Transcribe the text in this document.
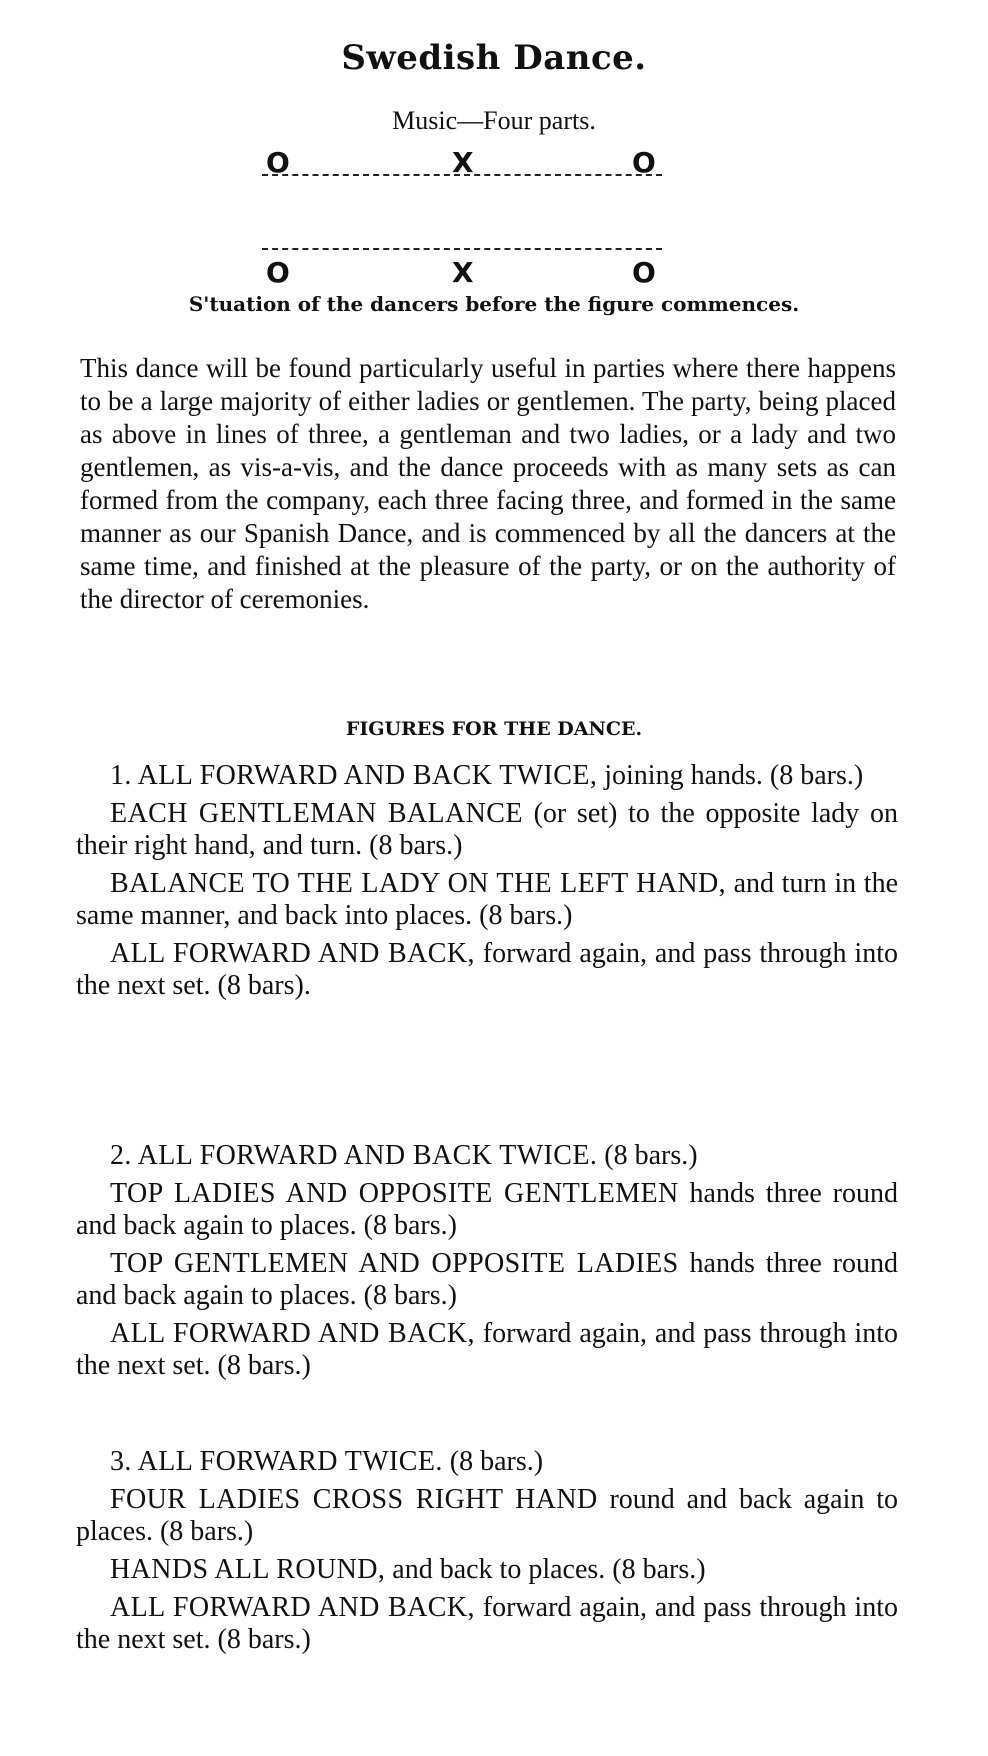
Swedish Dance.
Music—Four parts.
O	X	O
O	X	O
S'tuation of the dancers before the figure commences.
This dance will be found particularly useful in parties where there happens to be a large majority of either ladies or gentlemen. The party, being placed as above in lines of three, a gentleman and two ladies, or a lady and two gentlemen, as vis-a-vis, and the dance proceeds with as many sets as can formed from the company, each three facing three, and formed in the same manner as our Spanish Dance, and is commenced by all the dancers at the same time, and finished at the pleasure of the party, or on the authority of the director of ceremonies.
FIGURES FOR THE DANCE.

1. ALL FORWARD AND BACK TWICE, joining hands. (8 bars.)

EACH GENTLEMAN BALANCE (or set) to the opposite lady on their right hand, and turn. (8 bars.)

BALANCE TO THE LADY ON THE LEFT HAND, and turn in the same manner, and back into places. (8 bars.)

ALL FORWARD AND BACK, forward again, and pass through into the next set. (8 bars).

2. ALL FORWARD AND BACK TWICE. (8 bars.)

TOP LADIES AND OPPOSITE GENTLEMEN hands three round and back again to places. (8 bars.)

TOP GENTLEMEN AND OPPOSITE LADIES hands three round and back again to places. (8 bars.)

ALL FORWARD AND BACK, forward again, and pass through into the next set. (8 bars.)

3. ALL FORWARD TWICE. (8 bars.)

FOUR LADIES CROSS RIGHT HAND round and back again to places. (8 bars.)

HANDS ALL ROUND, and back to places. (8 bars.)

ALL FORWARD AND BACK, forward again, and pass through into the next set. (8 bars.)
